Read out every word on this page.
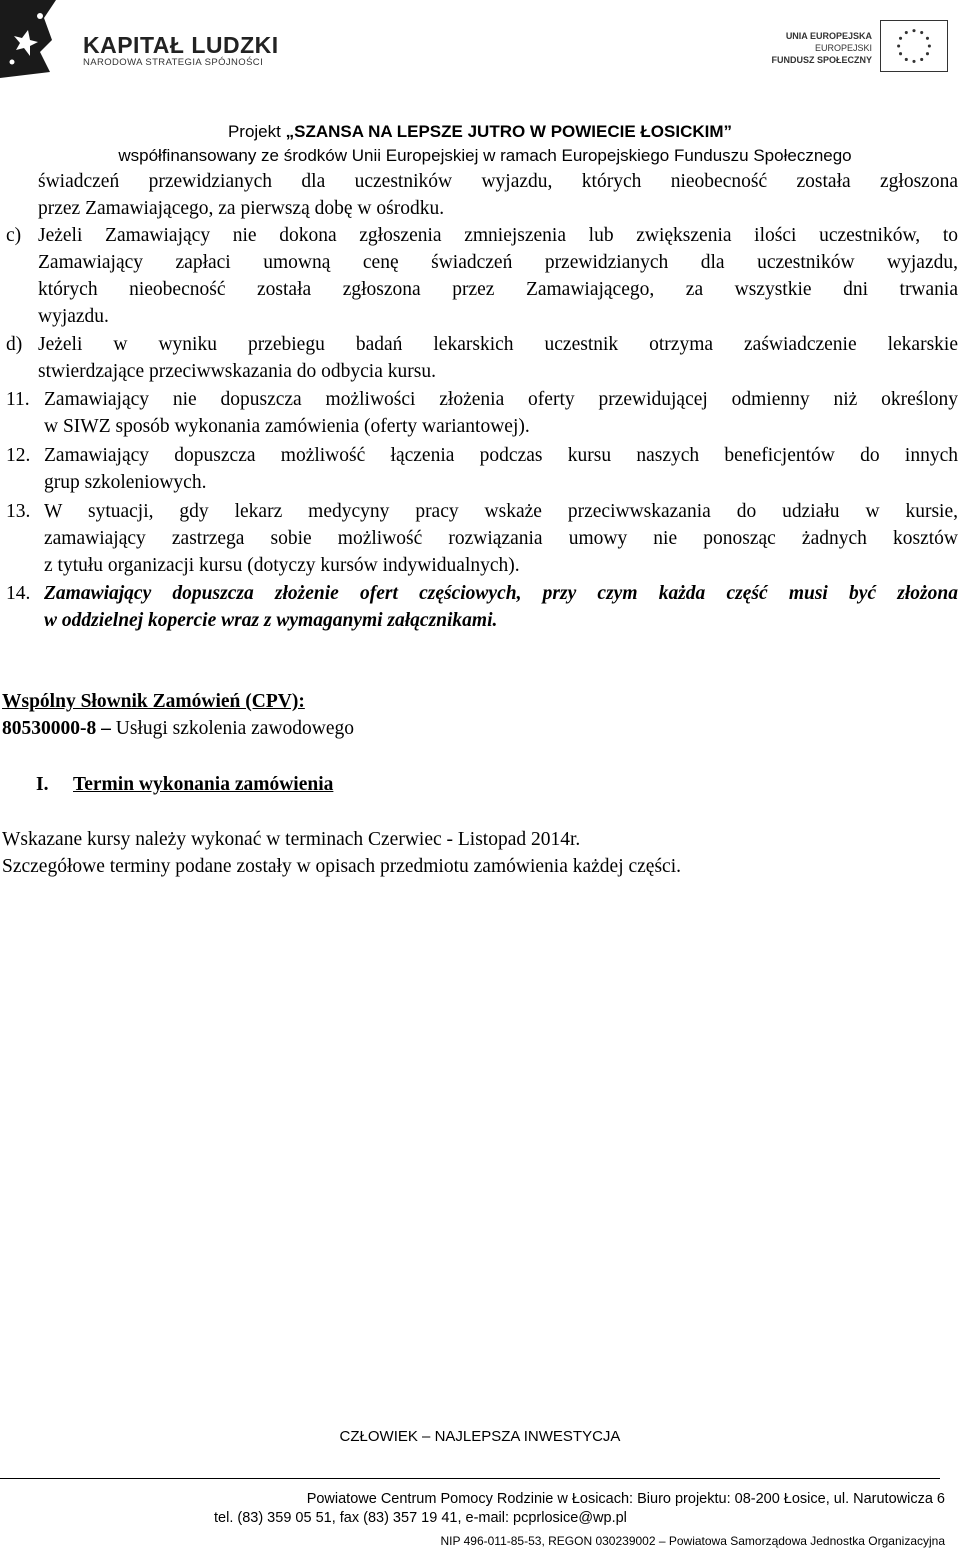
KAPITAŁ LUDZKI
NARODOWA STRATEGIA SPÓJNOŚCI
UNIA EUROPEJSKA
EUROPEJSKI
FUNDUSZ SPOŁECZNY
Projekt „SZANSA NA LEPSZE JUTRO W POWIECIE ŁOSICKIM”
współfinansowany ze środków Unii Europejskiej w ramach Europejskiego Funduszu Społecznego
świadczeń przewidzianych dla uczestników wyjazdu, których nieobecność została zgłoszona
przez Zamawiającego, za pierwszą dobę w ośrodku.
c) Jeżeli Zamawiający nie dokona zgłoszenia zmniejszenia lub zwiększenia ilości uczestników, to
Zamawiający zapłaci umowną cenę świadczeń przewidzianych dla uczestników wyjazdu,
których nieobecność została zgłoszona przez Zamawiającego, za wszystkie dni trwania
wyjazdu.
d) Jeżeli w wyniku przebiegu badań lekarskich uczestnik otrzyma zaświadczenie lekarskie
stwierdzające przeciwwskazania do odbycia kursu.
11. Zamawiający nie dopuszcza możliwości złożenia oferty przewidującej odmienny niż określony
w SIWZ sposób wykonania zamówienia (oferty wariantowej).
12. Zamawiający dopuszcza możliwość łączenia podczas kursu naszych beneficjentów do innych
grup szkoleniowych.
13. W sytuacji, gdy lekarz medycyny pracy wskaże przeciwwskazania do udziału w kursie,
zamawiający zastrzega sobie możliwość rozwiązania umowy nie ponosząc żadnych kosztów
z tytułu organizacji kursu (dotyczy kursów indywidualnych).
14. Zamawiający dopuszcza złożenie ofert częściowych, przy czym każda część musi być złożona
w oddzielnej kopercie wraz z wymaganymi załącznikami.
Wspólny Słownik Zamówień (CPV):
80530000-8 – Usługi szkolenia zawodowego
I. Termin wykonania zamówienia
Wskazane kursy należy wykonać w terminach Czerwiec - Listopad 2014r.
Szczegółowe terminy podane zostały w opisach przedmiotu zamówienia każdej części.
CZŁOWIEK – NAJLEPSZA INWESTYCJA
Powiatowe Centrum Pomocy Rodzinie w Łosicach: Biuro projektu: 08-200 Łosice, ul. Narutowicza 6
tel. (83) 359 05 51, fax (83) 357 19 41, e-mail: pcprlosice@wp.pl
NIP 496-011-85-53, REGON 030239002 – Powiatowa Samorządowa Jednostka Organizacyjna
